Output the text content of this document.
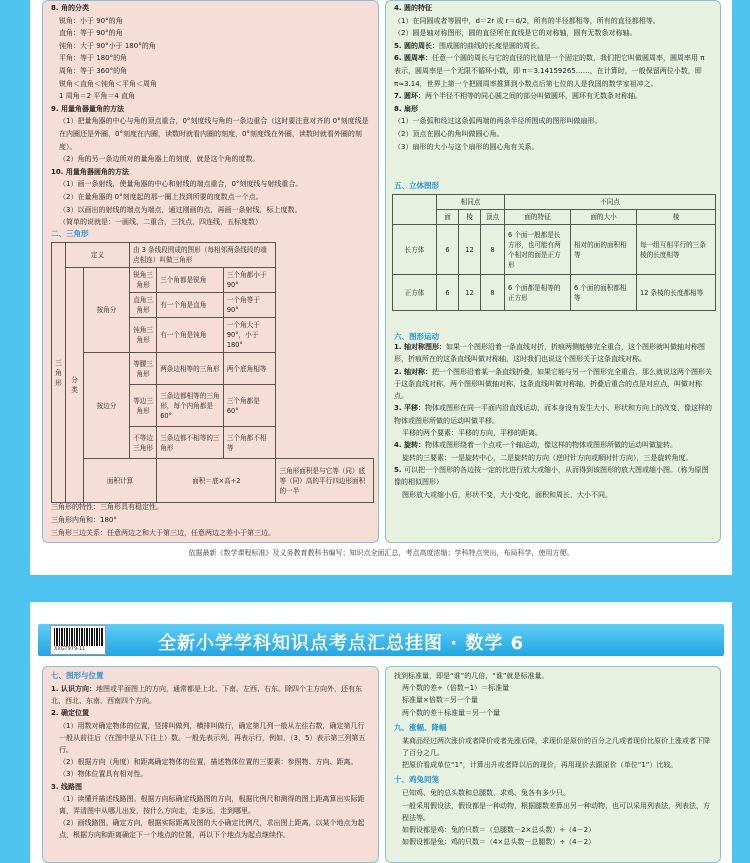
8. 角的分类

锐角：小于 90°的角

直角：等于 90°的角

钝角：大于 90°小于 180°的角

平角：等于 180°的角

周角：等于 360°的角

锐角＜直角＜钝角＜平角＜周角

1 周角＝2 平角＝4 直角

9. 用量角器量角的方法

（1）把量角器的中心与角的顶点重合，0°刻度线与角的一条边重合（这时要注意对齐的 0°刻度线是在内圈还是外圈，0°刻度在内圈，读数时就看内圈的刻度，0°刻度线在外圈，读数时就看外圈的刻度）。

（2）角的另一条边所对的量角器上的刻度，就是这个角的度数。

10. 用量角器画角的方法

（1）画一条射线，使量角器的中心和射线的端点重合，0°刻度线与射线重合。

（2）在量角器的 0°刻度起的那一圈上找到所要的度数点一个点。

（3）以画出的射线的端点为端点，通过刚画的点，再画一条射线，标上度数。

（简单的说就是：一画线，二重合，三找点，四连线，五标度数）

二、三角形
三角形	定义		由 3 条线段围成的图形（每相邻两条线段的端点相连）叫做三角形			
	分类	按角分	锐角三角形	三个角都是锐角	三个角都小于 90°	
			直角三角形	有一个角是直角	一个角等于 90°	
			钝角三角形	有一个角是钝角	一个角大于 90°，小于 180°	
		按边分	等腰三角形	两条边相等的三角形	两个底角相等	
			等边三角形	三条边都相等的三角形，每个内角都是 60°	三个角都是 60°	
			不等边三角形	三条边都不相等的三角形	三个角都不相等	
		面积计算		面积＝底×高÷2		三角形面积是与它等（同）底等（同）高的平行四边形面积的一半

三角形的特性：三角形具有稳定性。

三角形内角和：180°

三角形三边关系：任意两边之和大于第三边，任意两边之差小于第三边。

4. 圆的特征

（1）在同圆或者等圆中，d＝2r 或 r＝d/2，所有的半径都相等，所有的直径都相等。

（2）圆是轴对称图形，圆的直径所在直线是它的对称轴，圆有无数条对称轴。

5. 圆的周长：围成圆的曲线的长度是圆的周长。

6. 圆周率：任意一个圆的周长与它的直径的比值是一个固定的数，我们把它叫做圆周率，圆周率用 π 表示，圆周率是一个无限不循环小数，即 π＝3.14159265……，在计算时，一般保留两位小数，即 π≈3.14，世界上第一个把圆周率推算到小数点后第七位的人是我国的数学家祖冲之。

7. 圆环：两个半径不相等的同心圆之间的部分叫做圆环，圆环有无数条对称轴。

8. 扇形

（1）一条弧和经过这条弧两端的两条半径所围成的图形叫做扇形。

（2）顶点在圆心的角叫做圆心角。

（3）扇形的大小与这个扇形的圆心角有关系。

五、立体图形
	相同点			不同点		
	面	棱	顶点	面的特征	面的大小	棱
长方体	6	12	8	6 个面一般都是长方形，也可能有两个相对的面是正方形	相对的面的面积相等	每一组互相平行的三条棱的长度相等
正方体	6	12	8	6 个面都是相等的正方形	6 个面的面积都相等	12 条棱的长度都相等
六、图形运动

1. 轴对称图形：如果一个图形沿着一条直线对折，折痕两侧能够完全重合，这个图形就叫做轴对称图形，折痕所在的这条直线叫做对称轴，这时我们也说这个图形关于这条直线对称。

2. 轴对称：把一个图形沿着某一条直线折叠，如果它能与另一个图形完全重合，那么就说这两个图形关于这条直线对称，两个图形叫做轴对称，这条直线叫做对称轴，折叠后重合的点是对应点，叫做对称点。

3. 平移：物体或图形在同一平面内沿直线运动，而本身没有发生大小、形状和方向上的改变，像这样的物体或图形所做的运动叫做平移。

平移的两个要素：平移的方向，平移的距离。

4. 旋转：物体或图形绕着一个点或一个轴运动，像这样的物体或图形所做的运动叫做旋转。

旋转的三要素：一是旋转中心，二是旋转的方向（逆时针方向或顺时针方向），三是旋转角度。

5. 可以把一个图形的各边按一定的比进行放大或缩小，从而得到该图形的放大图或缩小图。（称为原图像的相似图形）

图形放大或缩小后，形状不变，大小变化，面积和周长，大小不同。

依据最新《数学课程标准》及义务教育教科书编写；知识点全面汇总，考点高度浓缩；学科特点突出，布局科学，使用方便。
全新小学学科知识点考点汇总挂图 · 数学 6
XXGT979-11
七、图形与位置

1. 认识方向：地图或平面图上的方向，通常都是上北、下南、左西、右东。除四个主方向外，还有东北、西北、东南、西南四个方向。

2. 确定位置

（1）用数对确定物体的位置，竖排叫做列，横排叫做行，确定第几列一般从左往右数，确定第几行一般从前往后（在图中是从下往上）数。一般先表示列，再表示行，例如，（3，5）表示第三列第五行。

（2）根据方向（角度）和距离确定物体的位置，描述物体位置的三要素：参照物、方向、距离。

（3）物体位置具有相对性。

3. 线路图

（1）读懂并描述线路图。根据方向标确定线路图的方向，根据比例尺和测得的图上距离算出实际距离，弄清图中从哪儿出发，按什么方向走，走多远，走到哪里。

（2）画线路图。确定方向，根据实际距离及图的大小确定比例尺，求出图上距离，以某个地点为起点，根据方向和距离确定下一个地点的位置，再以下个地点为起点继续作。

找到标准量，即是“谁”的几倍，“谁”就是标准量。

两个数的差÷（倍数−1）＝标准量

标准量×倍数＝另一个量

两个数的差＋标准量＝另一个量

九、涨幅、降幅

某商品经过两次涨价或者降价或者先涨后降，求现价是原价的百分之几或者现价比原价上涨或者下降了百分之几。

把原价看成单位“1”，计算出升或者降以后的现价，再用现价去跟原价（单位“1”）比较。

十、鸡兔同笼

已知鸡、兔的总头数和总腿数，求鸡、兔各有多少只。

一般采用假设法，假设都是一种动物，根据腿数差算出另一种动物，也可以采用列表法，列表法，方程法等。

如假设都是鸡：兔的只数＝（总腿数－2×总头数）÷（4－2）

如假设都是兔：鸡的只数＝（4×总头数－总腿数）÷（4－2）
